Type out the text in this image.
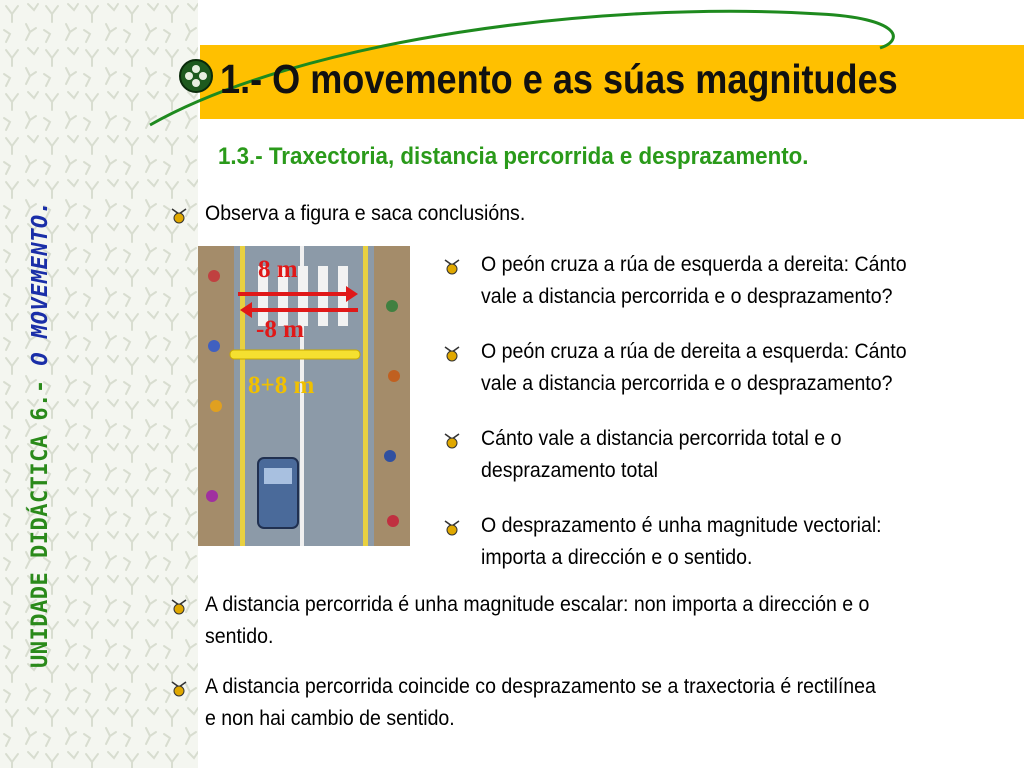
UNIDADE DIDÁCTICA 6.- O MOVEMENTO.
1.- O movemento e as súas magnitudes
1.3.- Traxectoria, distancia percorrida e desprazamento.
Observa a figura e saca conclusións.
8 m
-8 m
8+8 m
O peón cruza a rúa de esquerda a dereita: Cánto
vale a distancia percorrida e o desprazamento?
O peón cruza a rúa de dereita a esquerda: Cánto
vale a distancia percorrida e o desprazamento?
Cánto vale a distancia percorrida total e o
desprazamento total
O desprazamento é unha magnitude vectorial:
importa a dirección e o sentido.
A distancia percorrida é unha magnitude escalar: non importa a dirección e o
sentido.
A distancia percorrida coincide co desprazamento se a traxectoria é rectilínea
e non hai cambio de sentido.
